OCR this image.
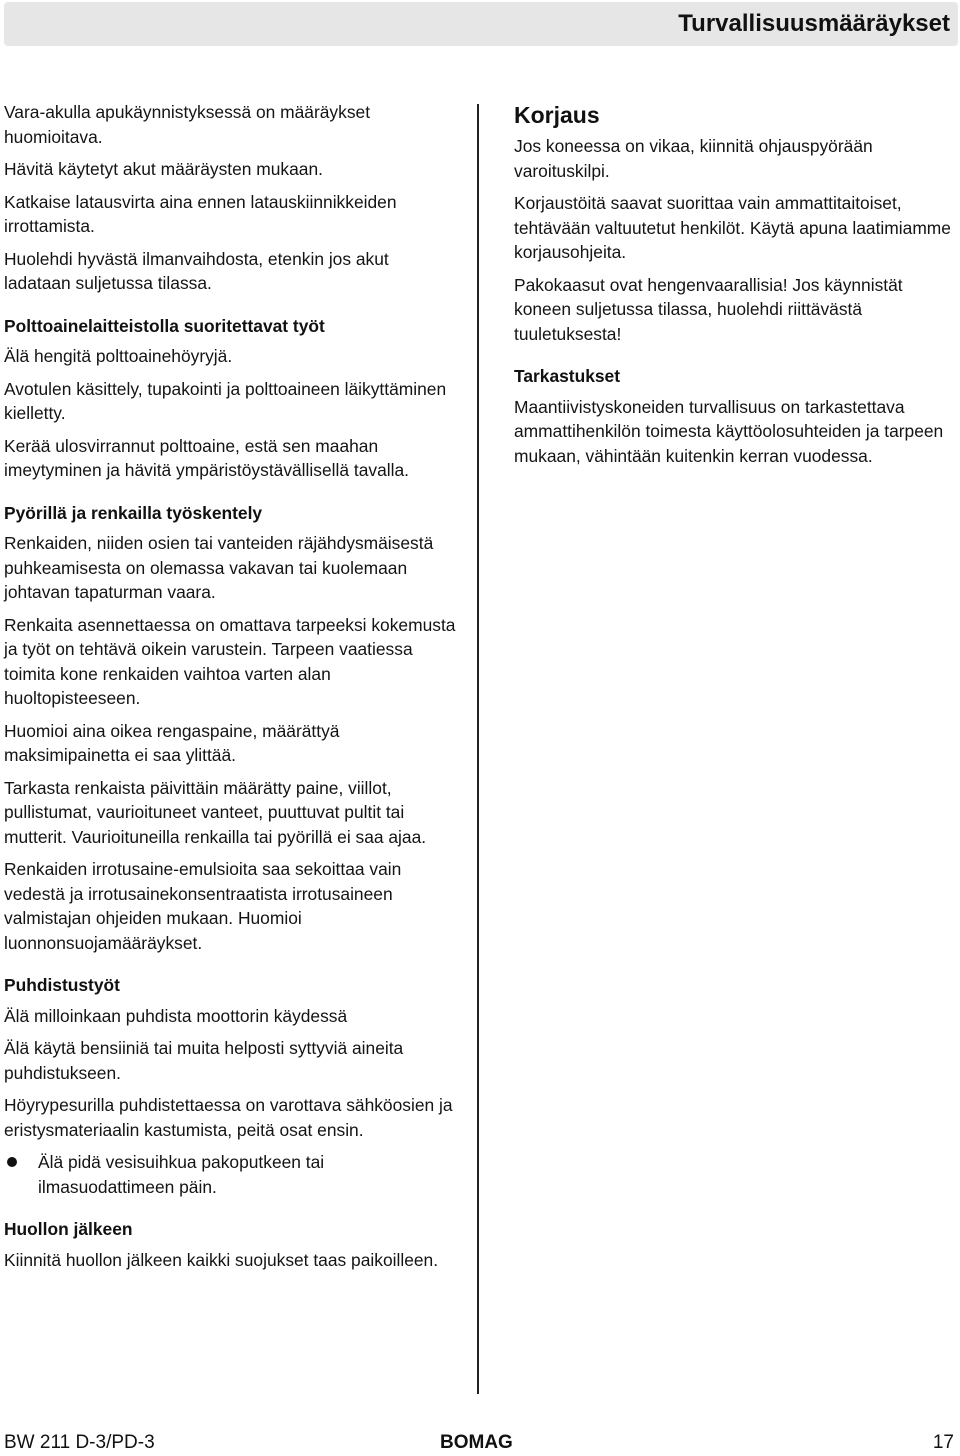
Turvallisuusmääräykset

Vara-akulla apukäynnistyksessä on määräykset huomioitava.

Hävitä käytetyt akut määräysten mukaan.

Katkaise latausvirta aina ennen latauskiinnikkeiden irrottamista.

Huolehdi hyvästä ilmanvaihdosta, etenkin jos akut ladataan suljetussa tilassa.

Polttoainelaitteistolla suoritettavat työt

Älä hengitä polttoainehöyryjä.

Avotulen käsittely, tupakointi ja polttoaineen läikyttäminen kielletty.

Kerää ulosvirrannut polttoaine, estä sen maahan imeytyminen ja hävitä ympäristöystävällisellä tavalla.

Pyörillä ja renkailla työskentely

Renkaiden, niiden osien tai vanteiden räjähdysmäisestä puhkeamisesta on olemassa vakavan tai kuolemaan johtavan tapaturman vaara.

Renkaita asennettaessa on omattava tarpeeksi kokemusta ja työt on tehtävä oikein varustein. Tarpeen vaatiessa toimita kone renkaiden vaihtoa varten alan huoltopisteeseen.

Huomioi aina oikea rengaspaine, määrättyä maksimipainetta ei saa ylittää.

Tarkasta renkaista päivittäin määrätty paine, viillot, pullistumat, vaurioituneet vanteet, puuttuvat pultit tai mutterit. Vaurioituneilla renkailla tai pyörillä ei saa ajaa.

Renkaiden irrotusaine-emulsioita saa sekoittaa vain vedestä ja irrotusainekonsentraatista irrotusaineen valmistajan ohjeiden mukaan. Huomioi luonnonsuojamääräykset.

Puhdistustyöt

Älä milloinkaan puhdista moottorin käydessä

Älä käytä bensiiniä tai muita helposti syttyviä aineita puhdistukseen.

Höyrypesurilla puhdistettaessa on varottava sähköosien ja eristysmateriaalin kastumista, peitä osat ensin.

Älä pidä vesisuihkua pakoputkeen tai ilmasuodattimeen päin.

Huollon jälkeen

Kiinnitä huollon jälkeen kaikki suojukset taas paikoilleen.

Korjaus

Jos koneessa on vikaa, kiinnitä ohjauspyörään varoituskilpi.

Korjaustöitä saavat suorittaa vain ammattitaitoiset, tehtävään valtuutetut henkilöt. Käytä apuna laatimiamme korjausohjeita.

Pakokaasut ovat hengenvaarallisia! Jos käynnistät koneen suljetussa tilassa, huolehdi riittävästä tuuletuksesta!

Tarkastukset

Maantiivistyskoneiden turvallisuus on tarkastettava ammattihenkilön toimesta käyttöolosuhteiden ja tarpeen mukaan, vähintään kuitenkin kerran vuodessa.

BW 211 D-3/PD-3	BOMAG	17
